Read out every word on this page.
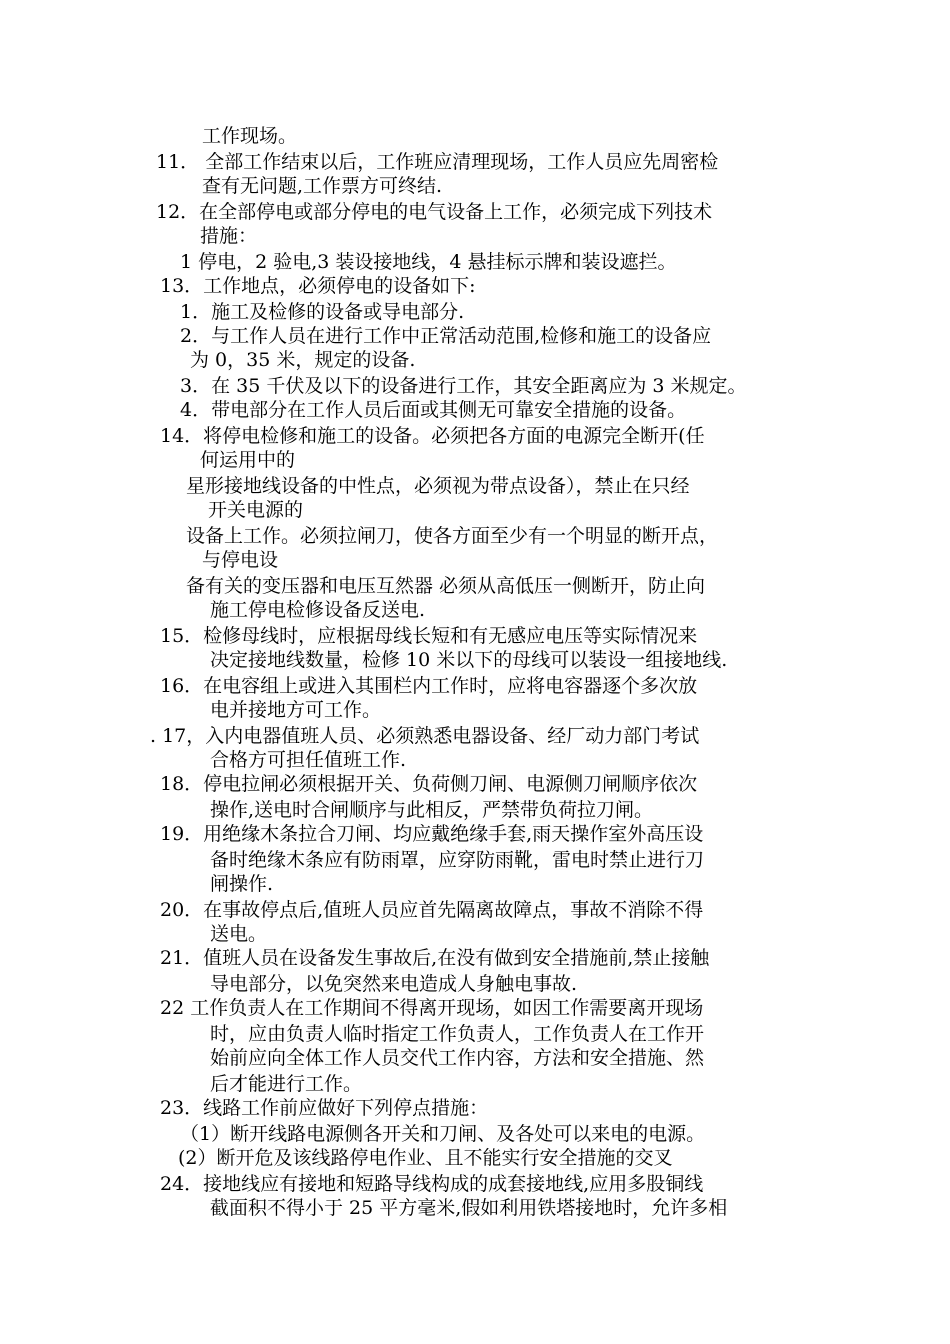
工作现场。
11． 全部工作结束以后，工作班应清理现场，工作人员应先周密检
查有无问题,工作票方可终结.
12．在全部停电或部分停电的电气设备上工作，必须完成下列技术
措施：
1 停电，2 验电,3 装设接地线，4 悬挂标示牌和装设遮拦。
13．工作地点，必须停电的设备如下:
1．施工及检修的设备或导电部分.
2．与工作人员在进行工作中正常活动范围,检修和施工的设备应
为 0，35 米，规定的设备.
3．在 35 千伏及以下的设备进行工作，其安全距离应为 3 米规定。
4．带电部分在工作人员后面或其侧无可靠安全措施的设备。
14．将停电检修和施工的设备。必须把各方面的电源完全断开(任
何运用中的
星形接地线设备的中性点，必须视为带点设备），禁止在只经
开关电源的
设备上工作。必须拉闸刀，使各方面至少有一个明显的断开点，
与停电设
备有关的变压器和电压互然器 必须从高低压一侧断开，防止向
施工停电检修设备反送电.
15．检修母线时，应根据母线长短和有无感应电压等实际情况来
决定接地线数量，检修 10 米以下的母线可以装设一组接地线.
16．在电容组上或进入其围栏内工作时，应将电容器逐个多次放
电并接地方可工作。
. 17，入内电器值班人员、必须熟悉电器设备、经厂动力部门考试
合格方可担任值班工作.
18．停电拉闸必须根据开关、负荷侧刀闸、电源侧刀闸顺序依次
操作,送电时合闸顺序与此相反，严禁带负荷拉刀闸。
19．用绝缘木条拉合刀闸、均应戴绝缘手套,雨天操作室外高压设
备时绝缘木条应有防雨罩，应穿防雨靴，雷电时禁止进行刀
闸操作.
20．在事故停点后,值班人员应首先隔离故障点，事故不消除不得
送电。
21．值班人员在设备发生事故后,在没有做到安全措施前,禁止接触
导电部分，以免突然来电造成人身触电事故.
22 工作负责人在工作期间不得离开现场，如因工作需要离开现场
时，应由负责人临时指定工作负责人，工作负责人在工作开
始前应向全体工作人员交代工作内容，方法和安全措施、然
后才能进行工作。
23．线路工作前应做好下列停点措施：
（1）断开线路电源侧各开关和刀闸、及各处可以来电的电源。
(2）断开危及该线路停电作业、且不能实行安全措施的交叉
24．接地线应有接地和短路导线构成的成套接地线,应用多股铜线
截面积不得小于 25 平方毫米,假如利用铁塔接地时，允许多相
